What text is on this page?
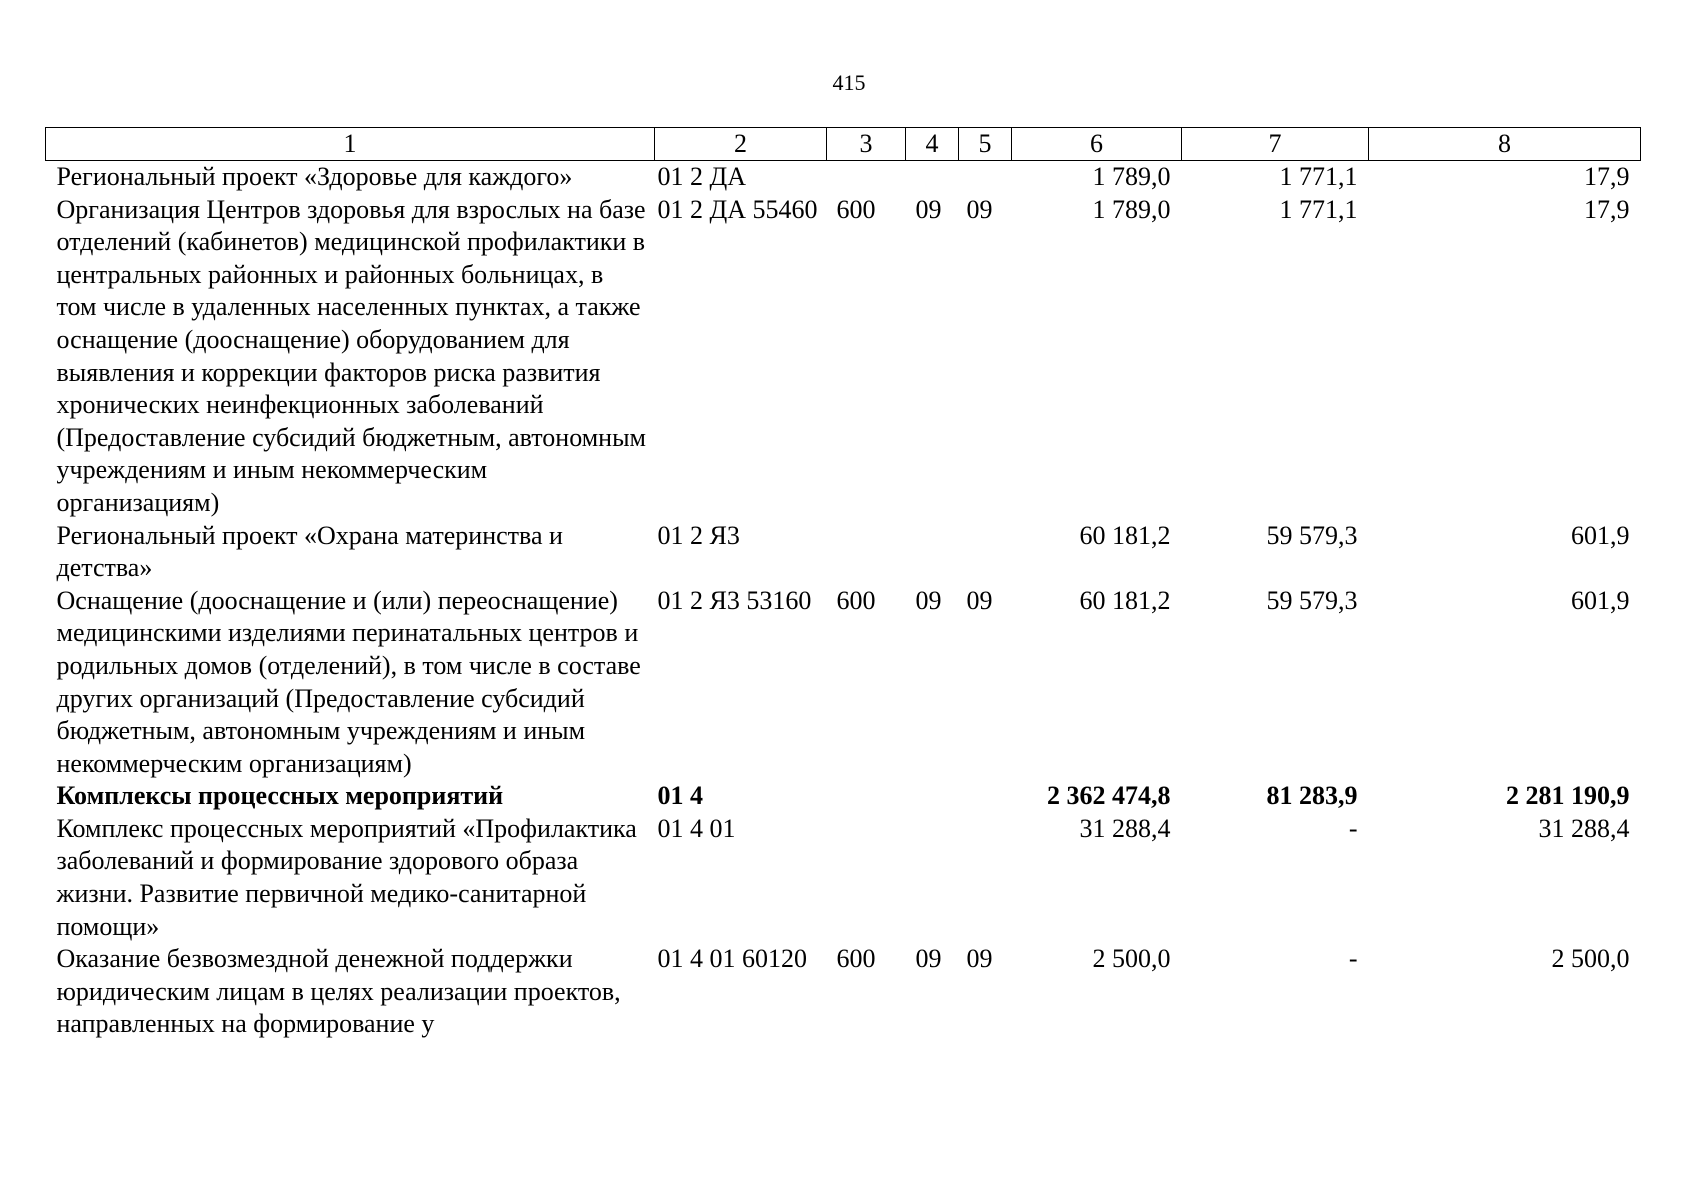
415
1	2	3	4	5	6	7	8
Региональный проект «Здоровье для каждого»	01 2 ДА				1 789,0	1 771,1	17,9
Организация Центров здоровья для взрослых на базе отделений (кабинетов) медицинской профилактики в центральных районных и районных больницах, в том числе в удаленных населенных пунктах, а также оснащение (дооснащение) оборудованием для выявления и коррекции факторов риска развития хронических неинфекционных заболеваний (Предоставление субсидий бюджетным, автономным учреждениям и иным некоммерческим организациям)	01 2 ДА 55460	600	09	09	1 789,0	1 771,1	17,9
Региональный проект «Охрана материнства и детства»	01 2 Я3				60 181,2	59 579,3	601,9
Оснащение (дооснащение и (или) переоснащение) медицинскими изделиями перинатальных центров и родильных домов (отделений), в том числе в составе других организаций (Предоставление субсидий бюджетным, автономным учреждениям и иным некоммерческим организациям)	01 2 Я3 53160	600	09	09	60 181,2	59 579,3	601,9
Комплексы процессных мероприятий	01 4				2 362 474,8	81 283,9	2 281 190,9
Комплекс процессных мероприятий «Профилактика заболеваний и формирование здорового образа жизни. Развитие первичной медико-санитарной помощи»	01 4 01				31 288,4	-	31 288,4
Оказание безвозмездной денежной поддержки юридическим лицам в целях реализации проектов, направленных на формирование у	01 4 01 60120	600	09	09	2 500,0	-	2 500,0
